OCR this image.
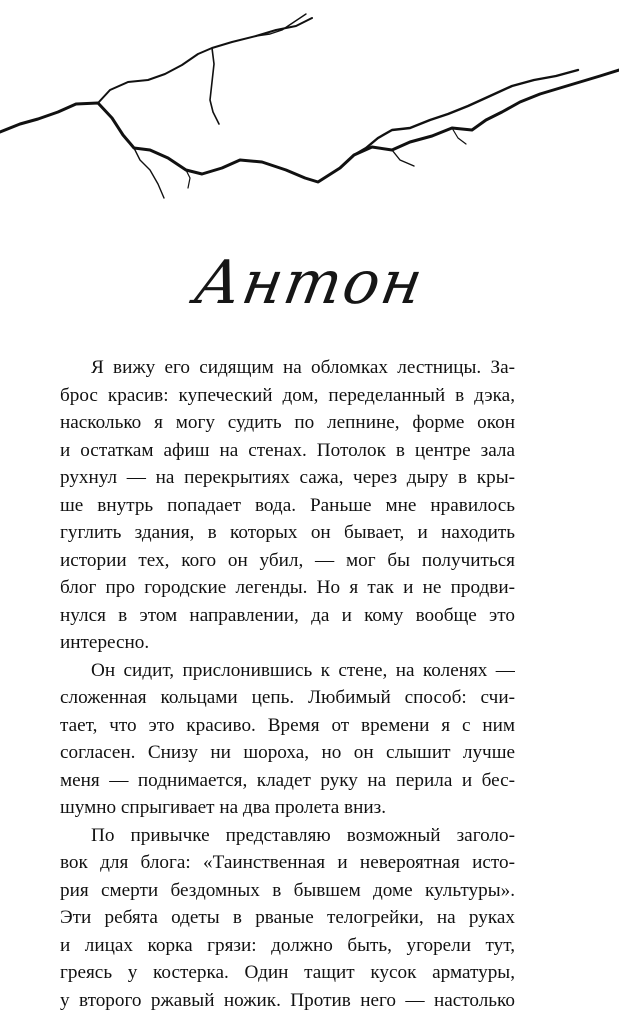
Антон
Я вижу его сидящим на обломках лестницы. За-
брос красив: купеческий дом, переделанный в дэка,
насколько я могу судить по лепнине, форме окон
и остаткам афиш на стенах. Потолок в центре зала
рухнул — на перекрытиях сажа, через дыру в кры-
ше внутрь попадает вода. Раньше мне нравилось
гуглить здания, в которых он бывает, и находить
истории тех, кого он убил, — мог бы получиться
блог про городские легенды. Но я так и не продви-
нулся в этом направлении, да и кому вообще это
интересно.
Он сидит, прислонившись к стене, на коленях —
сложенная кольцами цепь. Любимый способ: счи-
тает, что это красиво. Время от времени я с ним
согласен. Снизу ни шороха, но он слышит лучше
меня — поднимается, кладет руку на перила и бес-
шумно спрыгивает на два пролета вниз.
По привычке представляю возможный заголо-
вок для блога: «Таинственная и невероятная исто-
рия смерти бездомных в бывшем доме культуры».
Эти ребята одеты в рваные телогрейки, на руках
и лицах корка грязи: должно быть, угорели тут,
греясь у костерка. Один тащит кусок арматуры,
у второго ржавый ножик. Против него — настолько
